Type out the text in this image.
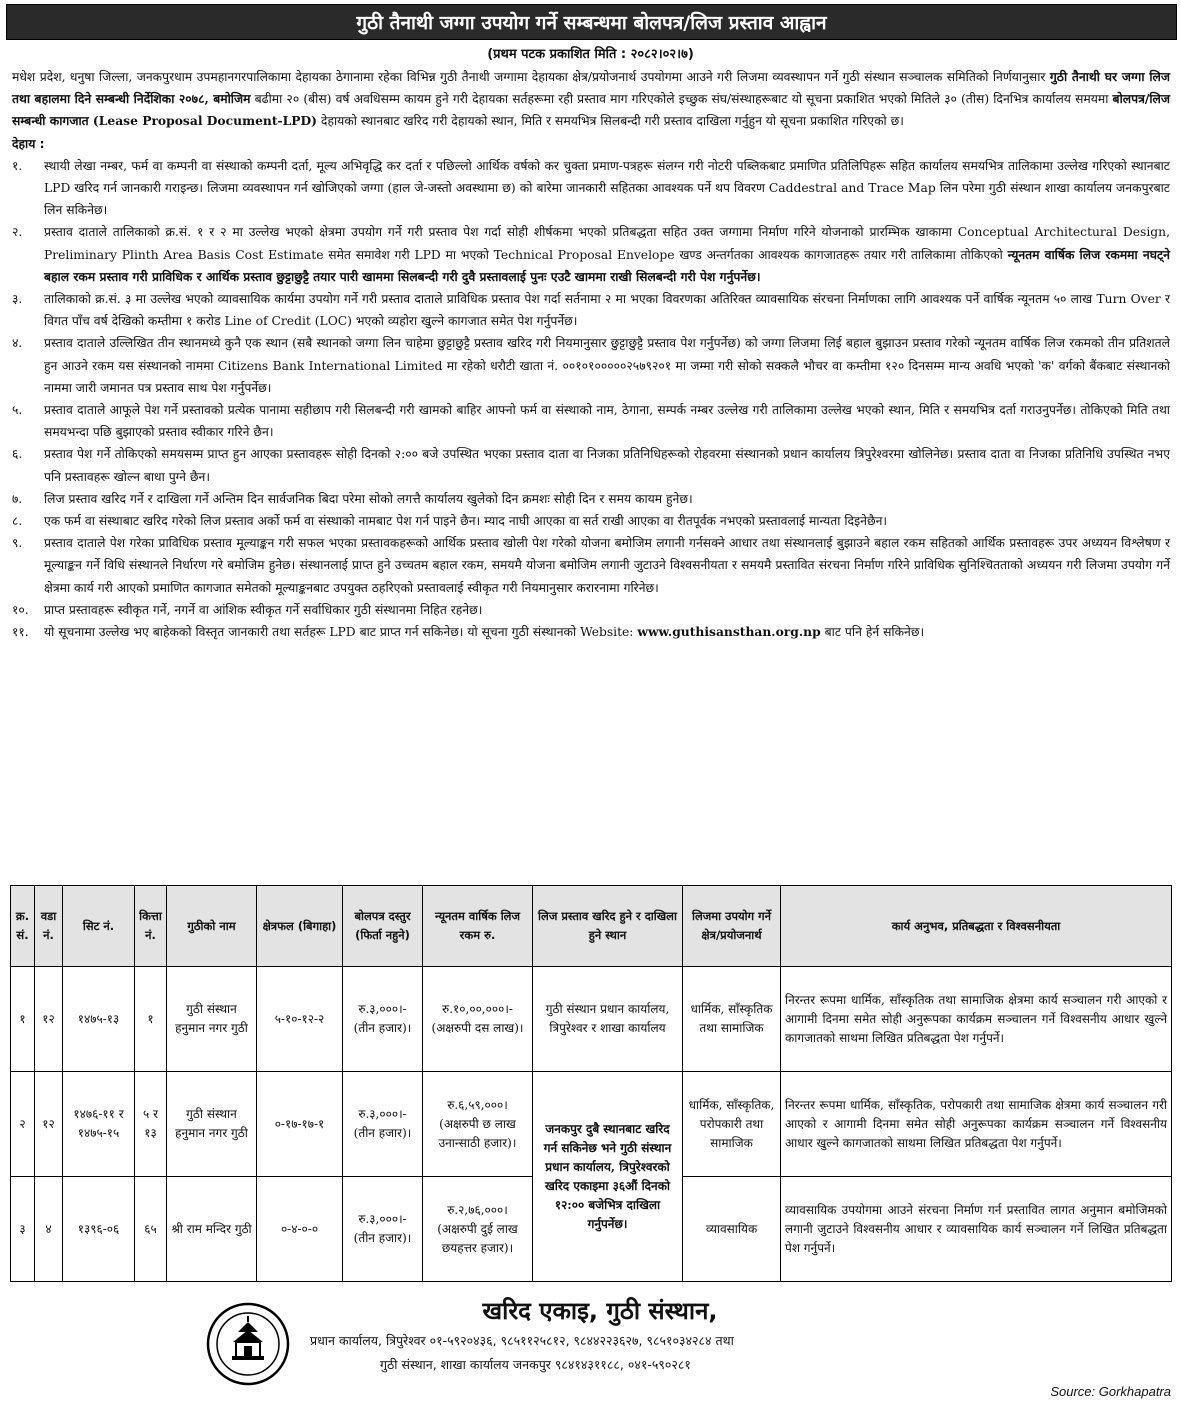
गुठी तैनाथी जग्गा उपयोग गर्ने सम्बन्धमा बोलपत्र/लिज प्रस्ताव आह्वान
(प्रथम पटक प्रकाशित मिति : २०८२।०२।७)

मधेश प्रदेश, धनुषा जिल्ला, जनकपुरधाम उपमहानगरपालिकामा देहायका ठेगानामा रहेका विभिन्न गुठी तैनाथी जग्गामा देहायका क्षेत्र/प्रयोजनार्थ उपयोगमा आउने गरी लिजमा व्यवस्थापन गर्ने गुठी संस्थान सञ्चालक समितिको निर्णयानुसार गुठी तैनाथी घर जग्गा लिज तथा बहालमा दिने सम्बन्धी निर्देशिका २०७८, बमोजिम बढीमा २० (बीस) वर्ष अवधिसम्म कायम हुने गरी देहायका सर्तहरूमा रही प्रस्ताव माग गरिएकोले इच्छुक संघ/संस्थाहरूबाट यो सूचना प्रकाशित भएको मितिले ३० (तीस) दिनभित्र कार्यालय समयमा बोलपत्र/लिज सम्बन्धी कागजात (Lease Proposal Document-LPD) देहायको स्थानबाट खरिद गरी देहायको स्थान, मिति र समयभित्र सिलबन्दी गरी प्रस्ताव दाखिला गर्नुहुन यो सूचना प्रकाशित गरिएको छ।

देहाय :

१.	स्थायी लेखा नम्बर, फर्म वा कम्पनी वा संस्थाको कम्पनी दर्ता, मूल्य अभिवृद्धि कर दर्ता र पछिल्लो आर्थिक वर्षको कर चुक्ता प्रमाण-पत्रहरू संलग्न गरी नोटरी पब्लिकबाट प्रमाणित प्रतिलिपिहरू सहित कार्यालय समयभित्र तालिकामा उल्लेख गरिएको स्थानबाट LPD खरिद गर्न जानकारी गराइन्छ। लिजमा व्यवस्थापन गर्न खोजिएको जग्गा (हाल जे-जस्तो अवस्थामा छ) को बारेमा जानकारी सहितका आवश्यक पर्ने थप विवरण Caddestral and Trace Map लिन परेमा गुठी संस्थान शाखा कार्यालय जनकपुरबाट लिन सकिनेछ।
२.	प्रस्ताव दाताले तालिकाको क्र.सं. १ र २ मा उल्लेख भएको क्षेत्रमा उपयोग गर्ने गरी प्रस्ताव पेश गर्दा सोही शीर्षकमा भएको प्रतिबद्धता सहित उक्त जग्गामा निर्माण गरिने योजनाको प्रारम्भिक खाकामा Conceptual Architectural Design, Preliminary Plinth Area Basis Cost Estimate समेत समावेश गरी LPD मा भएको Technical Proposal Envelope खण्ड अन्तर्गतका आवश्यक कागजातहरू तयार गरी तालिकामा तोकिएको न्यूनतम वार्षिक लिज रकममा नघट्ने बहाल रकम प्रस्ताव गरी प्राविधिक र आर्थिक प्रस्ताव छुट्टाछुट्टै तयार पारी खाममा सिलबन्दी गरी दुवै प्रस्तावलाई पुनः एउटै खाममा राखी सिलबन्दी गरी पेश गर्नुपर्नेछ।
३.	तालिकाको क्र.सं. ३ मा उल्लेख भएको व्यावसायिक कार्यमा उपयोग गर्ने गरी प्रस्ताव दाताले प्राविधिक प्रस्ताव पेश गर्दा सर्तनामा २ मा भएका विवरणका अतिरिक्त व्यावसायिक संरचना निर्माणका लागि आवश्यक पर्ने वार्षिक न्यूनतम ५० लाख Turn Over र विगत पाँच वर्ष देखिको कम्तीमा १ करोड Line of Credit (LOC) भएको व्यहोरा खुल्ने कागजात समेत पेश गर्नुपर्नेछ।
४.	प्रस्ताव दाताले उल्लिखित तीन स्थानमध्ये कुनै एक स्थान (सबै स्थानको जग्गा लिन चाहेमा छुट्टाछुट्टै प्रस्ताव खरिद गरी नियमानुसार छुट्टाछुट्टै प्रस्ताव पेश गर्नुपर्नेछ) को जग्गा लिजमा लिई बहाल बुझाउन प्रस्ताव गरेको न्यूनतम वार्षिक लिज रकमको तीन प्रतिशतले हुन आउने रकम यस संस्थानको नाममा Citizens Bank International Limited मा रहेको धरौटी खाता नं. ००१०१०००००२५७९२०१ मा जम्मा गरी सोको सक्कलै भौचर वा कम्तीमा १२० दिनसम्म मान्य अवधि भएको 'क' वर्गको बैंकबाट संस्थानको नाममा जारी जमानत पत्र प्रस्ताव साथ पेश गर्नुपर्नेछ।
५.	प्रस्ताव दाताले आफूले पेश गर्ने प्रस्तावको प्रत्येक पानामा सहीछाप गरी सिलबन्दी गरी खामको बाहिर आफ्नो फर्म वा संस्थाको नाम, ठेगाना, सम्पर्क नम्बर उल्लेख गरी तालिकामा उल्लेख भएको स्थान, मिति र समयभित्र दर्ता गराउनुपर्नेछ। तोकिएको मिति तथा समयभन्दा पछि बुझाएको प्रस्ताव स्वीकार गरिने छैन।
६.	प्रस्ताव पेश गर्ने तोकिएको समयसम्म प्राप्त हुन आएका प्रस्तावहरू सोही दिनको २:०० बजे उपस्थित भएका प्रस्ताव दाता वा निजका प्रतिनिधिहरूको रोहवरमा संस्थानको प्रधान कार्यालय त्रिपुरेश्वरमा खोलिनेछ। प्रस्ताव दाता वा निजका प्रतिनिधि उपस्थित नभए पनि प्रस्तावहरू खोल्न बाधा पुग्ने छैन।
७.	लिज प्रस्ताव खरिद गर्ने र दाखिला गर्ने अन्तिम दिन सार्वजनिक बिदा परेमा सोको लगत्तै कार्यालय खुलेको दिन क्रमशः सोही दिन र समय कायम हुनेछ।
८.	एक फर्म वा संस्थाबाट खरिद गरेको लिज प्रस्ताव अर्को फर्म वा संस्थाको नामबाट पेश गर्न पाइने छैन। म्याद नाघी आएका वा सर्त राखी आएका वा रीतपूर्वक नभएको प्रस्तावलाई मान्यता दिइनेछैन।
९.	प्रस्ताव दाताले पेश गरेका प्राविधिक प्रस्ताव मूल्याङ्कन गरी सफल भएका प्रस्तावकहरूको आर्थिक प्रस्ताव खोली पेश गरेको योजना बमोजिम लगानी गर्नसक्ने आधार तथा संस्थानलाई बुझाउने बहाल रकम सहितको आर्थिक प्रस्तावहरू उपर अध्ययन विश्लेषण र मूल्याङ्कन गर्ने विधि संस्थानले निर्धारण गरे बमोजिम हुनेछ। संस्थानलाई प्राप्त हुने उच्चतम बहाल रकम, समयमै योजना बमोजिम लगानी जुटाउने विश्वसनीयता र समयमै प्रस्तावित संरचना निर्माण गरिने प्राविधिक सुनिश्चितताको अध्ययन गरी लिजमा उपयोग गर्ने क्षेत्रमा कार्य गरी आएको प्रमाणित कागजात समेतको मूल्याङ्कनबाट उपयुक्त ठहरिएको प्रस्तावलाई स्वीकृत गरी नियमानुसार करारनामा गरिनेछ।
१०.	प्राप्त प्रस्तावहरू स्वीकृत गर्ने, नगर्ने वा आंशिक स्वीकृत गर्ने सर्वाधिकार गुठी संस्थानमा निहित रहनेछ।
११.	यो सूचनामा उल्लेख भए बाहेकको विस्तृत जानकारी तथा सर्तहरू LPD बाट प्राप्त गर्न सकिनेछ। यो सूचना गुठी संस्थानको Website: www.guthisansthan.org.np बाट पनि हेर्न सकिनेछ।
क्र. सं.	वडा नं.	सिट नं.	कित्ता नं.	गुठीको नाम	क्षेत्रफल (बिगाहा)	बोलपत्र दस्तुर (फिर्ता नहुने)	न्यूनतम वार्षिक लिज रकम रु.	लिज प्रस्ताव खरिद हुने र दाखिला हुने स्थान	लिजमा उपयोग गर्ने क्षेत्र/प्रयोजनार्थ	कार्य अनुभव, प्रतिबद्धता र विश्वसनीयता
१	१२	१४७५-१३	१	गुठी संस्थान हनुमान नगर गुठी	५-१०-१२-२	रु.३,०००।- (तीन हजार)।	रु.१०,००,०००।- (अक्षरुपी दस लाख)।	गुठी संस्थान प्रधान कार्यालय, त्रिपुरेश्वर र शाखा कार्यालय	धार्मिक, साँस्कृतिक तथा सामाजिक	निरन्तर रूपमा धार्मिक, साँस्कृतिक तथा सामाजिक क्षेत्रमा कार्य सञ्चालन गरी आएको र आगामी दिनमा समेत सोही अनुरूपका कार्यक्रम सञ्चालन गर्ने विश्वसनीय आधार खुल्ने कागजातको साथमा लिखित प्रतिबद्धता पेश गर्नुपर्ने।
२	१२	१४७६-११ र १४७५-१५	५ र १३	गुठी संस्थान हनुमान नगर गुठी	०-१७-१७-१	रु.३,०००।- (तीन हजार)।	रु.६,५९,०००। (अक्षरुपी छ लाख उनान्साठी हजार)।	जनकपुर दुबै स्थानबाट खरिद गर्न सकिनेछ भने गुठी संस्थान प्रधान कार्यालय, त्रिपुरेश्वरको खरिद एकाइमा ३६औं दिनको १२:०० बजेभित्र दाखिला गर्नुपर्नेछ।	धार्मिक, साँस्कृतिक, परोपकारी तथा सामाजिक	निरन्तर रूपमा धार्मिक, साँस्कृतिक, परोपकारी तथा सामाजिक क्षेत्रमा कार्य सञ्चालन गरी आएको र आगामी दिनमा समेत सोही अनुरूपका कार्यक्रम सञ्चालन गर्ने विश्वसनीय आधार खुल्ने कागजातको साथमा लिखित प्रतिबद्धता पेश गर्नुपर्ने।
३	४	१३९६-०६	६५	श्री राम मन्दिर गुठी	०-४-०-०	रु.३,०००।- (तीन हजार)।	रु.२,७६,०००। (अक्षरुपी दुई लाख छयहत्तर हजार)।		व्यावसायिक	व्यावसायिक उपयोगमा आउने संरचना निर्माण गर्न प्रस्तावित लागत अनुमान बमोजिमको लगानी जुटाउने विश्वसनीय आधार र व्यावसायिक कार्य सञ्चालन गर्ने लिखित प्रतिबद्धता पेश गर्नुपर्ने।
खरिद एकाइ, गुठी संस्थान,
प्रधान कार्यालय, त्रिपुरेश्वर ०१-५९२०४३६, ९८५११२५८१२, ९८४४२२३६२७, ९८५१०३४२८४ तथा
गुठी संस्थान, शाखा कार्यालय जनकपुर ९८४१४३११८८, ०४१-५९०२८१
Source: Gorkhapatra
